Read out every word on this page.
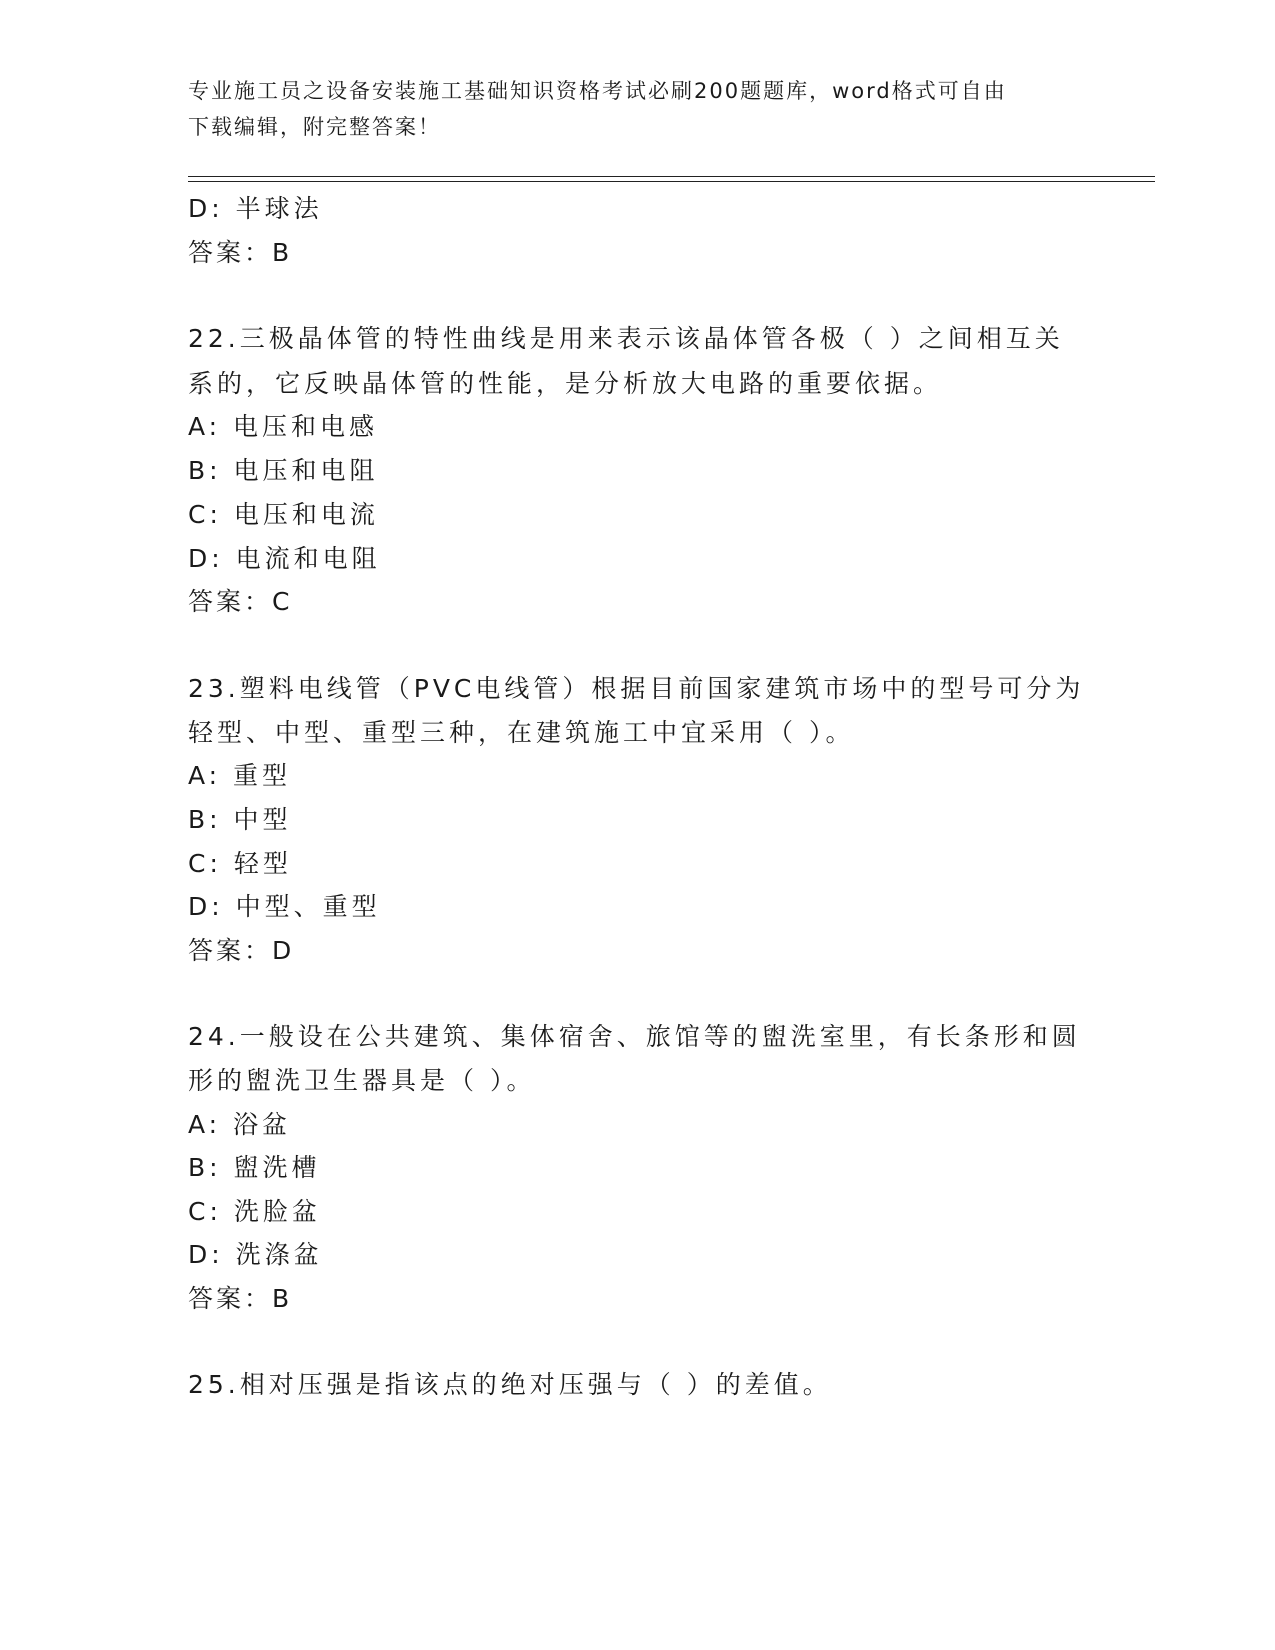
专业施工员之设备安装施工基础知识资格考试必刷200题题库，word格式可自由
下载编辑，附完整答案！
D: 半球法
答案：B
22.三极晶体管的特性曲线是用来表示该晶体管各极（ ）之间相互关
系的，它反映晶体管的性能，是分析放大电路的重要依据。
A: 电压和电感
B: 电压和电阻
C: 电压和电流
D: 电流和电阻
答案：C
23.塑料电线管（PVC电线管）根据目前国家建筑市场中的型号可分为
轻型、中型、重型三种，在建筑施工中宜采用（ ）。
A: 重型
B: 中型
C: 轻型
D: 中型、重型
答案：D
24.一般设在公共建筑、集体宿舍、旅馆等的盥洗室里，有长条形和圆
形的盥洗卫生器具是（ ）。
A: 浴盆
B: 盥洗槽
C: 洗脸盆
D: 洗涤盆
答案：B
25.相对压强是指该点的绝对压强与（ ）的差值。
